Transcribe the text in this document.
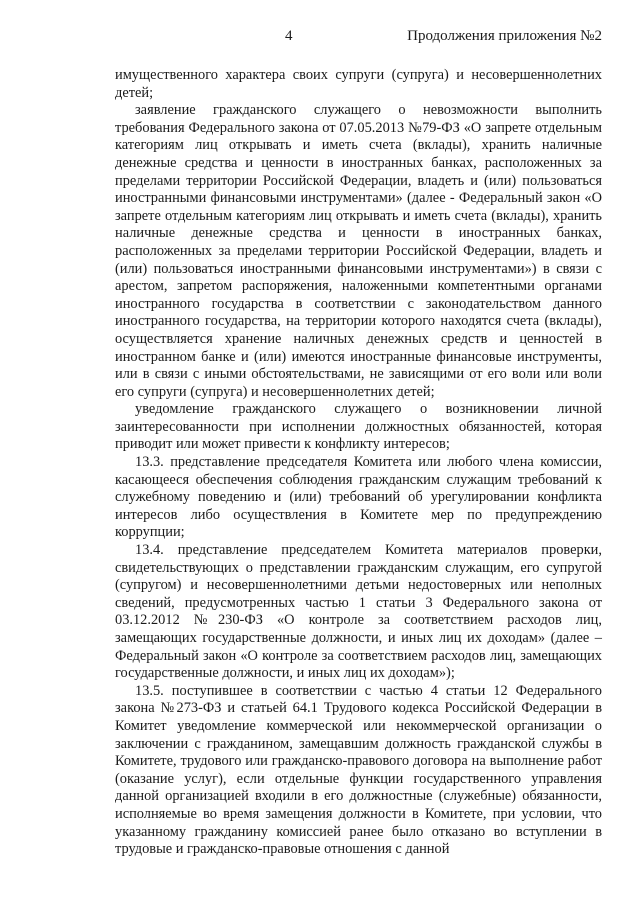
4	Продолжения приложения №2

имущественного характера своих супруги (супруга) и несовершеннолетних детей;

заявление гражданского служащего о невозможности выполнить требования Федерального закона от 07.05.2013 №79-ФЗ «О запрете отдельным категориям лиц открывать и иметь счета (вклады), хранить наличные денежные средства и ценности в иностранных банках, расположенных за пределами территории Российской Федерации, владеть и (или) пользоваться иностранными финансовыми инструментами» (далее - Федеральный закон «О запрете отдельным категориям лиц открывать и иметь счета (вклады), хранить наличные денежные средства и ценности в иностранных банках, расположенных за пределами территории Российской Федерации, владеть и (или) пользоваться иностранными финансовыми инструментами») в связи с арестом, запретом распоряжения, наложенными компетентными органами иностранного государства в соответствии с законодательством данного иностранного государства, на территории которого находятся счета (вклады), осуществляется хранение наличных денежных средств и ценностей в иностранном банке и (или) имеются иностранные финансовые инструменты, или в связи с иными обстоятельствами, не зависящими от его воли или воли его супруги (супруга) и несовершеннолетних детей;

уведомление гражданского служащего о возникновении личной заинтересованности при исполнении должностных обязанностей, которая приводит или может привести к конфликту интересов;

13.3. представление председателя Комитета или любого члена комиссии, касающееся обеспечения соблюдения гражданским служащим требований к служебному поведению и (или) требований об урегулировании конфликта интересов либо осуществления в Комитете мер по предупреждению коррупции;

13.4. представление председателем Комитета материалов проверки, свидетельствующих о представлении гражданским служащим, его супругой (супругом) и несовершеннолетними детьми недостоверных или неполных сведений, предусмотренных частью 1 статьи 3 Федерального закона от 03.12.2012 №230-ФЗ «О контроле за соответствием расходов лиц, замещающих государственные должности, и иных лиц их доходам» (далее – Федеральный закон «О контроле за соответствием расходов лиц, замещающих государственные должности, и иных лиц их доходам»);

13.5. поступившее в соответствии с частью 4 статьи 12 Федерального закона №273-ФЗ и статьей 64.1 Трудового кодекса Российской Федерации в Комитет уведомление коммерческой или некоммерческой организации о заключении с гражданином, замещавшим должность гражданской службы в Комитете, трудового или гражданско-правового договора на выполнение работ (оказание услуг), если отдельные функции государственного управления данной организацией входили в его должностные (служебные) обязанности, исполняемые во время замещения должности в Комитете, при условии, что указанному гражданину комиссией ранее было отказано во вступлении в трудовые и гражданско-правовые отношения с данной
